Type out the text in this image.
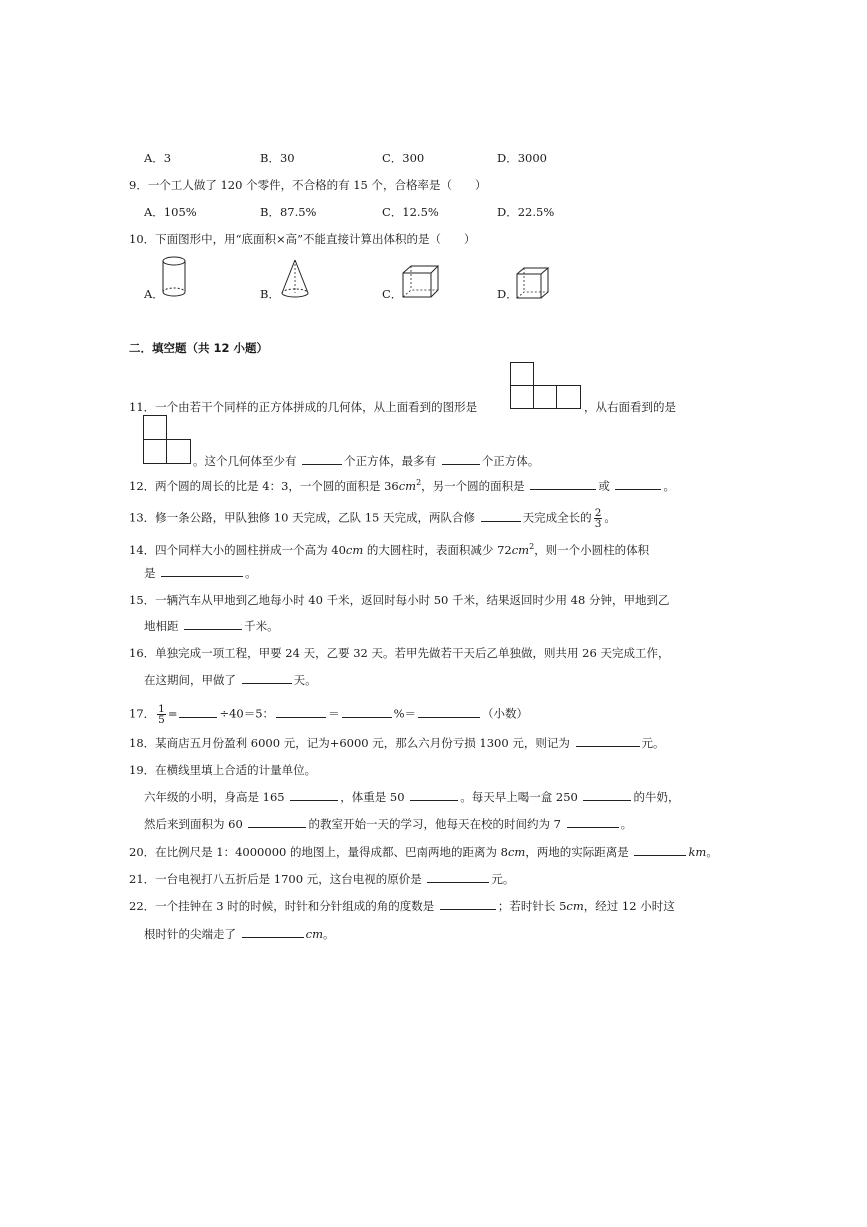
A．3	B．30	C．300	D．3000
9．一个工人做了 120 个零件，不合格的有 15 个，合格率是（　　）
A．105%	B．87.5%	C．12.5%	D．22.5%
10．下面图形中，用“底面积×高”不能直接计算出体积的是（　　）
A．	B．	C．	D．
二．填空题（共 12 小题）
11．一个由若干个同样的正方体拼成的几何体，从上面看到的图形是	，从右面看到的是
。这个几何体至少有	个正方体，最多有	个正方体。
12．两个圆的周长的比是 4：3，一个圆的面积是 $36cm^2$，另一个圆的面积是	或	。
13．修一条公路，甲队独修 10 天完成，乙队 15 天完成，两队合修	天完成全长的 $\frac{2}{3}$ 。
14．四个同样大小的圆柱拼成一个高为 40cm 的大圆柱时，表面积减少 $72cm^2$，则一个小圆柱的体积
是	。
15．一辆汽车从甲地到乙地每小时 40 千米，返回时每小时 50 千米，结果返回时少用 48 分钟，甲地到乙
地相距	千米。
16．单独完成一项工程，甲要 24 天，乙要 32 天。若甲先做若干天后乙单独做，则共用 26 天完成工作，
在这期间，甲做了	天。
17． $\frac{1}{5}$ =	÷40＝5：	＝	%＝	（小数）
18．某商店五月份盈利 6000 元，记为+6000 元，那么六月份亏损 1300 元，则记为	元。
19．在横线里填上合适的计量单位。
六年级的小明，身高是 165	，体重是 50	。每天早上喝一盒 250	的牛奶，
然后来到面积为 60	的教室开始一天的学习，他每天在校的时间约为 7	。
20．在比例尺是 1：4000000 的地图上，量得成都、巴南两地的距离为 8cm，两地的实际距离是	km。
21．一台电视打八五折后是 1700 元，这台电视的原价是	元。
22．一个挂钟在 3 时的时候，时针和分针组成的角的度数是	；若时针长 5cm，经过 12 小时这
根时针的尖端走了	cm。
